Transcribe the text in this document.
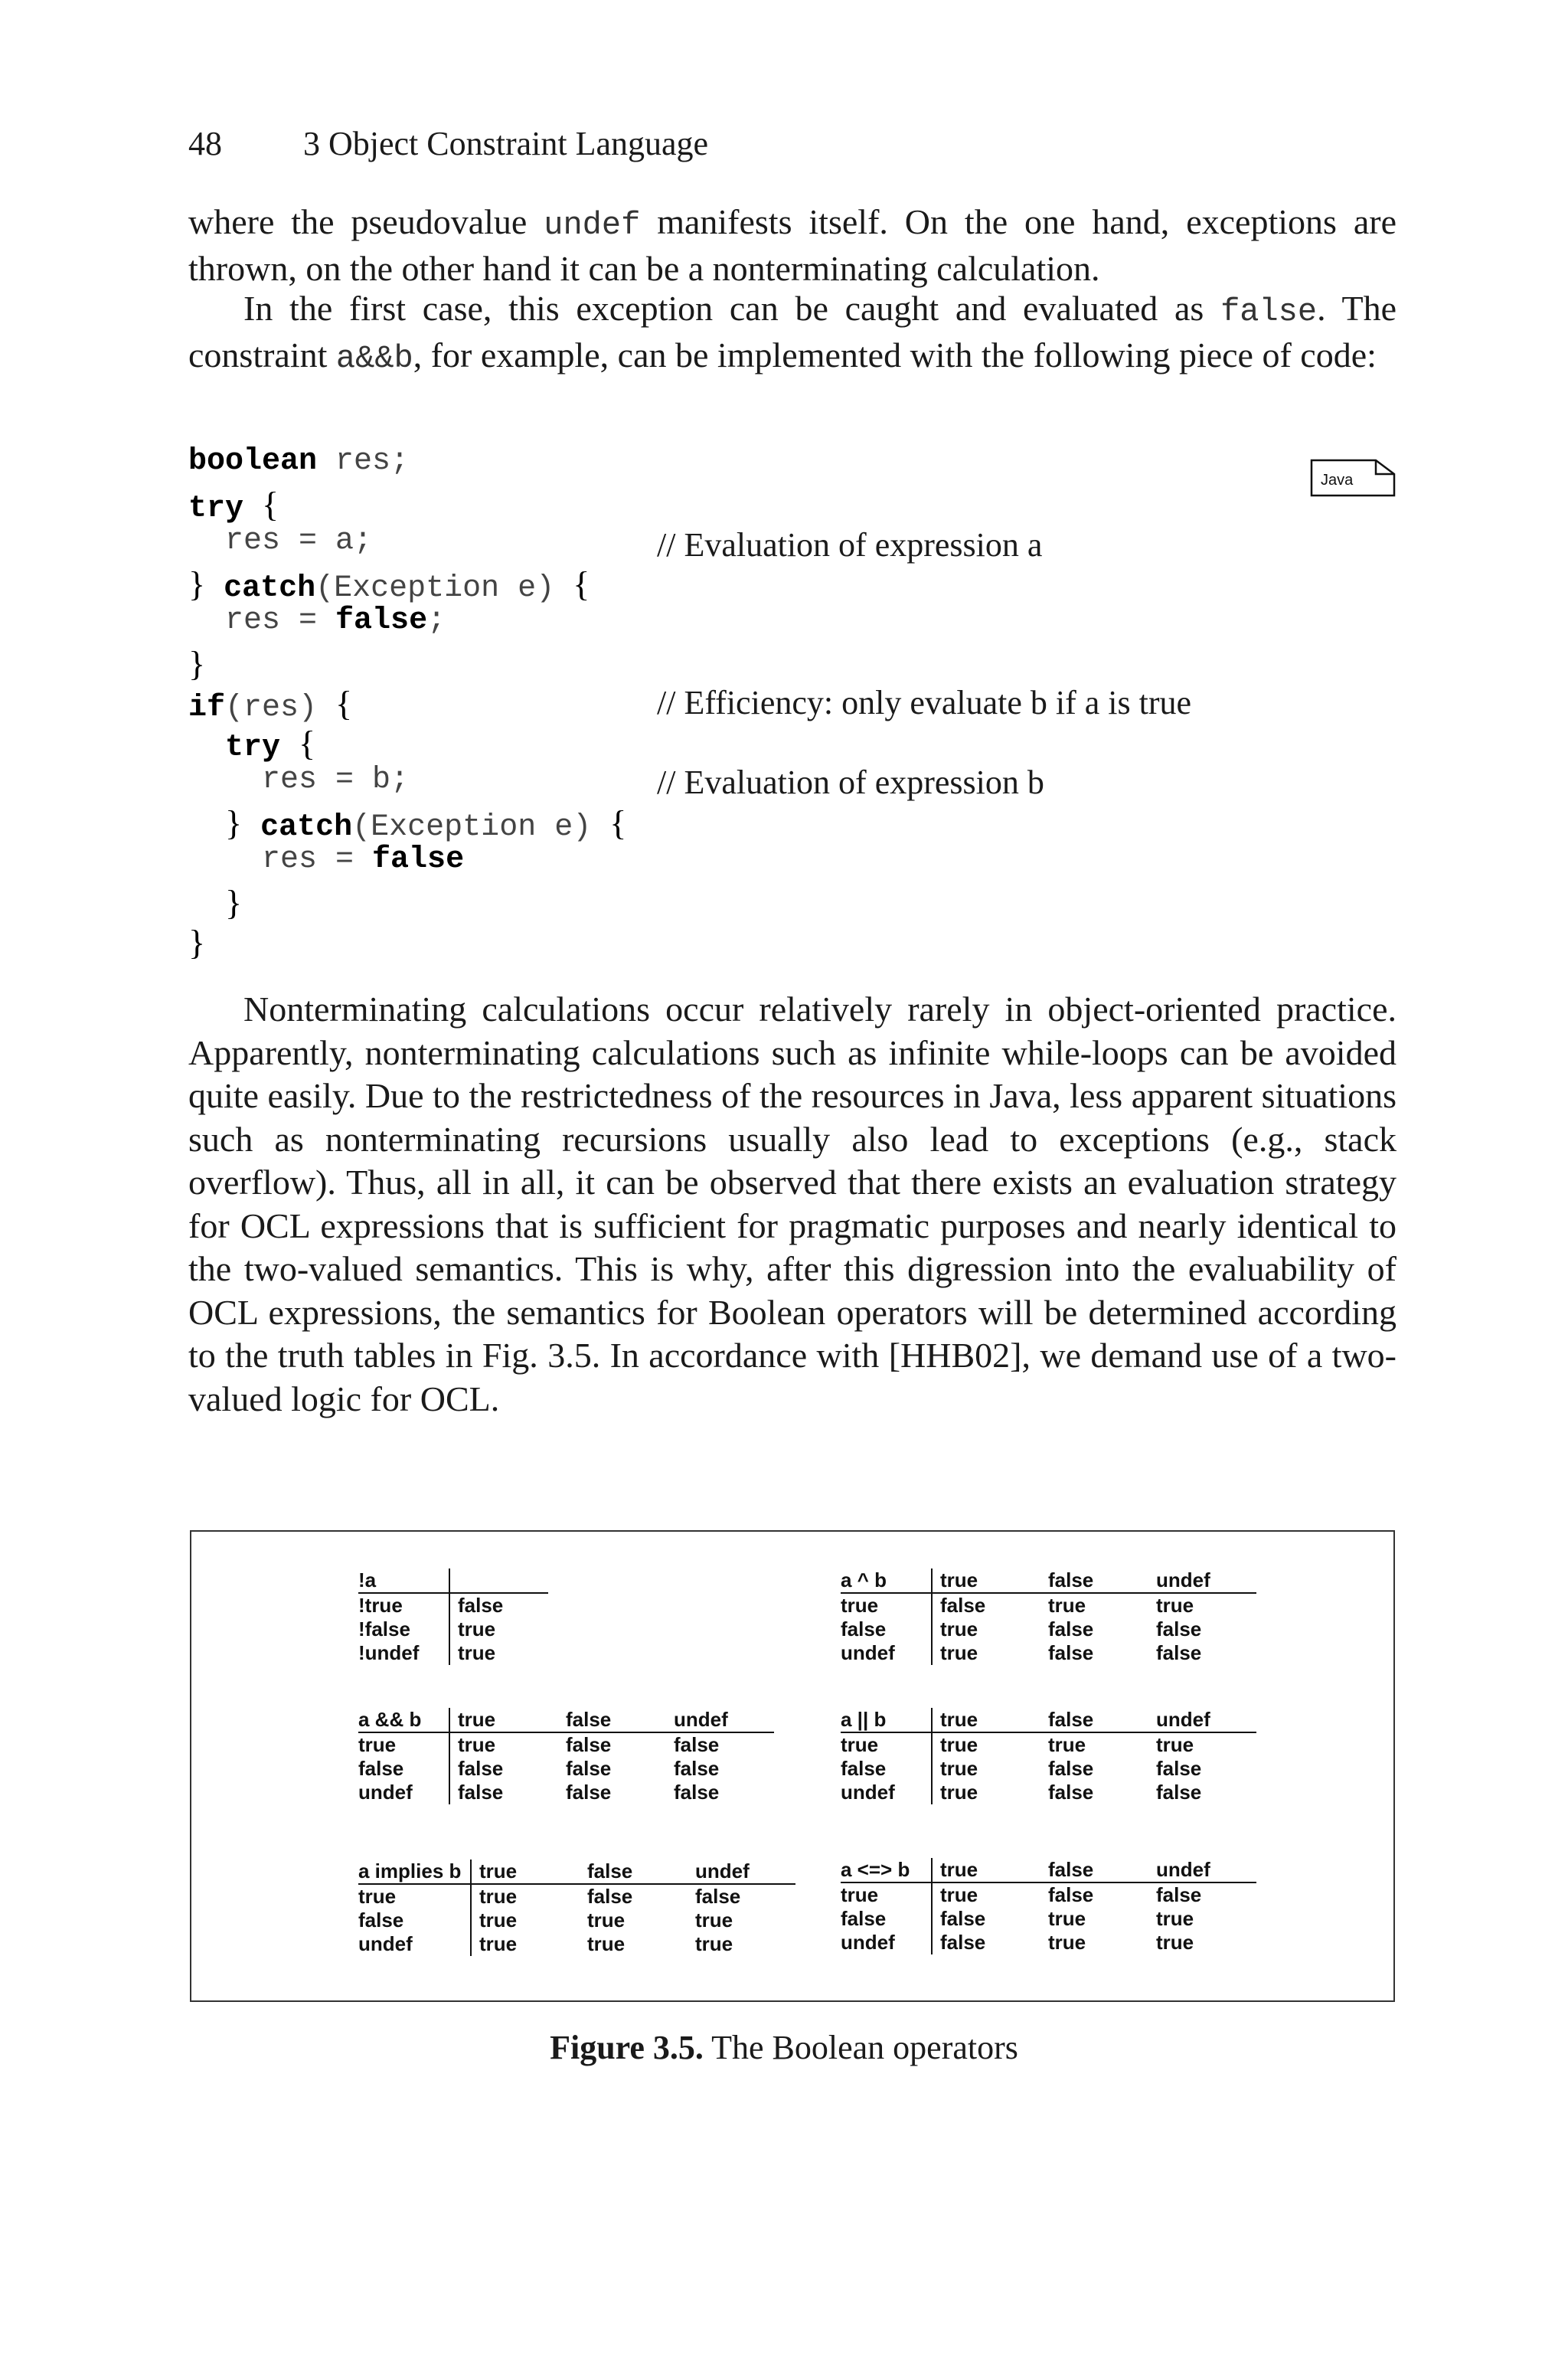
48 3 Object Constraint Language

where the pseudovalue undef manifests itself. On the one hand, exceptions are thrown, on the other hand it can be a nonterminating calculation.

In the first case, this exception can be caught and evaluated as false. The constraint a&&b, for example, can be implemented with the following piece of code:

Java
boolean res;
try {
res = a;	// Evaluation of expression a
} catch(Exception e) {
res = false;
}
if(res) {	// Efficiency: only evaluate b if a is true
try {
res = b;	// Evaluation of expression b
} catch(Exception e) {
res = false
}
}

Nonterminating calculations occur relatively rarely in object-oriented practice. Apparently, nonterminating calculations such as infinite while-loops can be avoided quite easily. Due to the restrictedness of the resources in Java, less apparent situations such as nonterminating recursions usually also lead to exceptions (e.g., stack overflow). Thus, all in all, it can be observed that there exists an evaluation strategy for OCL expressions that is sufficient for pragmatic purposes and nearly identical to the two-valued semantics. This is why, after this digression into the evaluability of OCL expressions, the semantics for Boolean operators will be determined according to the truth tables in Fig. 3.5. In accordance with [HHB02], we demand use of a two-valued logic for OCL.

!a	
!true	false
!false	true
!undef	true
a ^ b	true	false	undef
true	false	true	true
false	true	false	false
undef	true	false	false
a && b	true	false	undef
true	true	false	false
false	false	false	false
undef	false	false	false
a || b	true	false	undef
true	true	true	true
false	true	false	false
undef	true	false	false
a implies b	true	false	undef
true	true	false	false
false	true	true	true
undef	true	true	true
a <=> b	true	false	undef
true	true	false	false
false	false	true	true
undef	false	true	true
Figure 3.5. The Boolean operators
